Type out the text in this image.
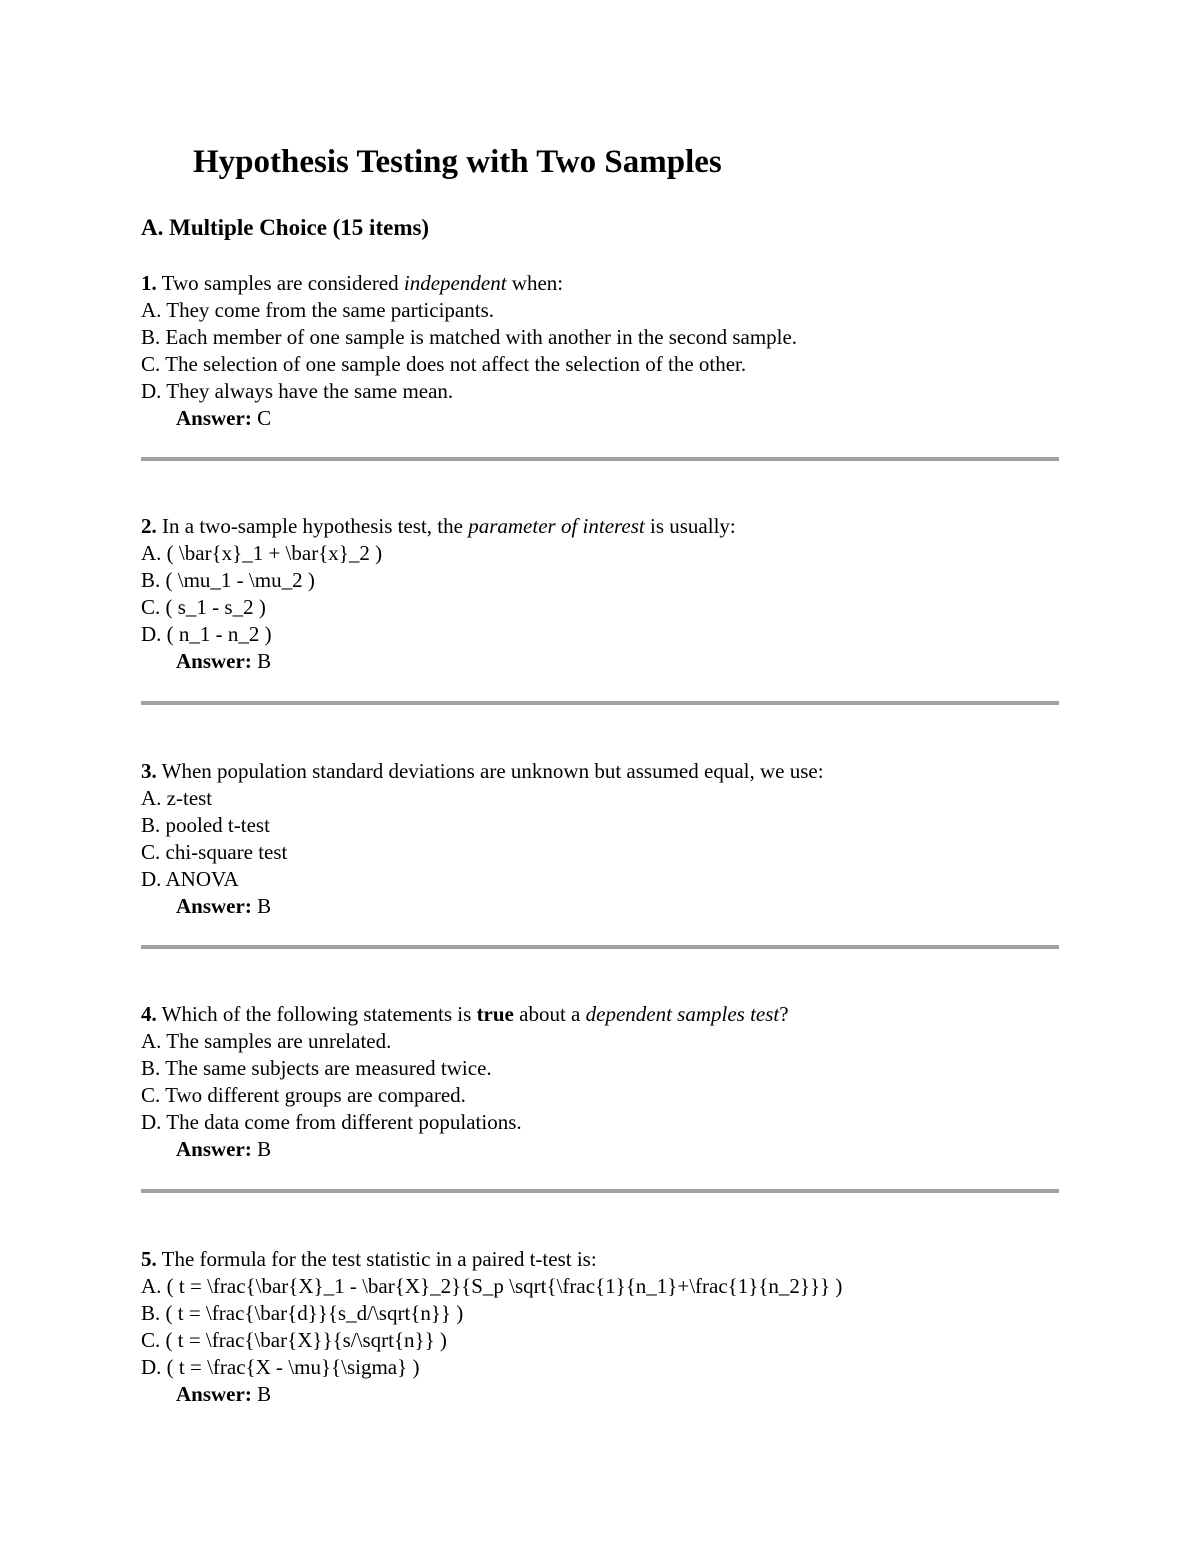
Hypothesis Testing with Two Samples
A. Multiple Choice (15 items)
1. Two samples are considered independent when:
A. They come from the same participants.
B. Each member of one sample is matched with another in the second sample.
C. The selection of one sample does not affect the selection of the other.
D. They always have the same mean.
Answer: C
2. In a two-sample hypothesis test, the parameter of interest is usually:
A. ( \bar{x}_1 + \bar{x}_2 )
B. ( \mu_1 - \mu_2 )
C. ( s_1 - s_2 )
D. ( n_1 - n_2 )
Answer: B
3. When population standard deviations are unknown but assumed equal, we use:
A. z-test
B. pooled t-test
C. chi-square test
D. ANOVA
Answer: B
4. Which of the following statements is true about a dependent samples test?
A. The samples are unrelated.
B. The same subjects are measured twice.
C. Two different groups are compared.
D. The data come from different populations.
Answer: B
5. The formula for the test statistic in a paired t-test is:
A. ( t = \frac{\bar{X}_1 - \bar{X}_2}{S_p \sqrt{\frac{1}{n_1}+\frac{1}{n_2}}} )
B. ( t = \frac{\bar{d}}{s_d/\sqrt{n}} )
C. ( t = \frac{\bar{X}}{s/\sqrt{n}} )
D. ( t = \frac{X - \mu}{\sigma} )
Answer: B
